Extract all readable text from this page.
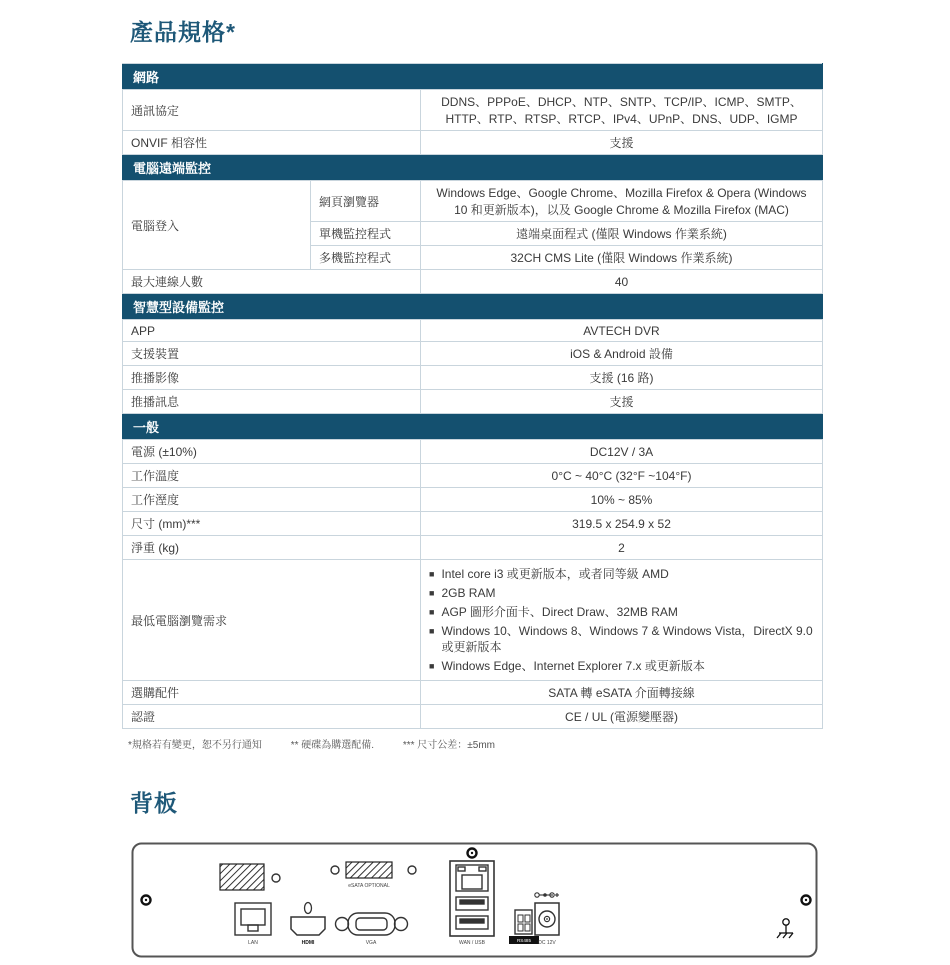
產品規格*
網路		
通訊協定		DDNS、PPPoE、DHCP、NTP、SNTP、TCP/IP、ICMP、SMTP、HTTP、RTP、RTSP、RTCP、IPv4、UPnP、DNS、UDP、IGMP
ONVIF 相容性		支援
電腦遠端監控		
電腦登入	網頁瀏覽器	Windows Edge、Google Chrome、Mozilla Firefox & Opera (Windows 10 和更新版本)，以及 Google Chrome & Mozilla Firefox (MAC)
	單機監控程式	遠端桌面程式 (僅限 Windows 作業系統)
	多機監控程式	32CH CMS Lite (僅限 Windows 作業系統)
最大連線人數		40
智慧型設備監控		
APP		AVTECH DVR
支援裝置		iOS & Android 設備
推播影像		支援 (16 路)
推播訊息		支援
一般		
電源 (±10%)		DC12V / 3A
工作溫度		0°C ~ 40°C (32°F ~104°F)
工作溼度		10% ~ 85%
尺寸 (mm)***		319.5 x 254.9 x 52
淨重 (kg)		2
最低電腦瀏覽需求	
■ Intel core i3 或更新版本，或者同等級 AMD
■ 2GB RAM
■ AGP 圖形介面卡、Direct Draw、32MB RAM
■ Windows 10、Windows 8、Windows 7 & Windows Vista，DirectX 9.0 或更新版本
■ Windows Edge、Internet Explorer 7.x 或更新版本

選購配件		SATA 轉 eSATA 介面轉接線
認證		CE / UL (電源變壓器)
*規格若有變更，恕不另行通知	** 硬碟為購選配備.	*** 尺寸公差：±5mm
背板
eSATA OPTIONAL
LAN	HDMI	VGA	WAN / USB	RS485 DC 12V
